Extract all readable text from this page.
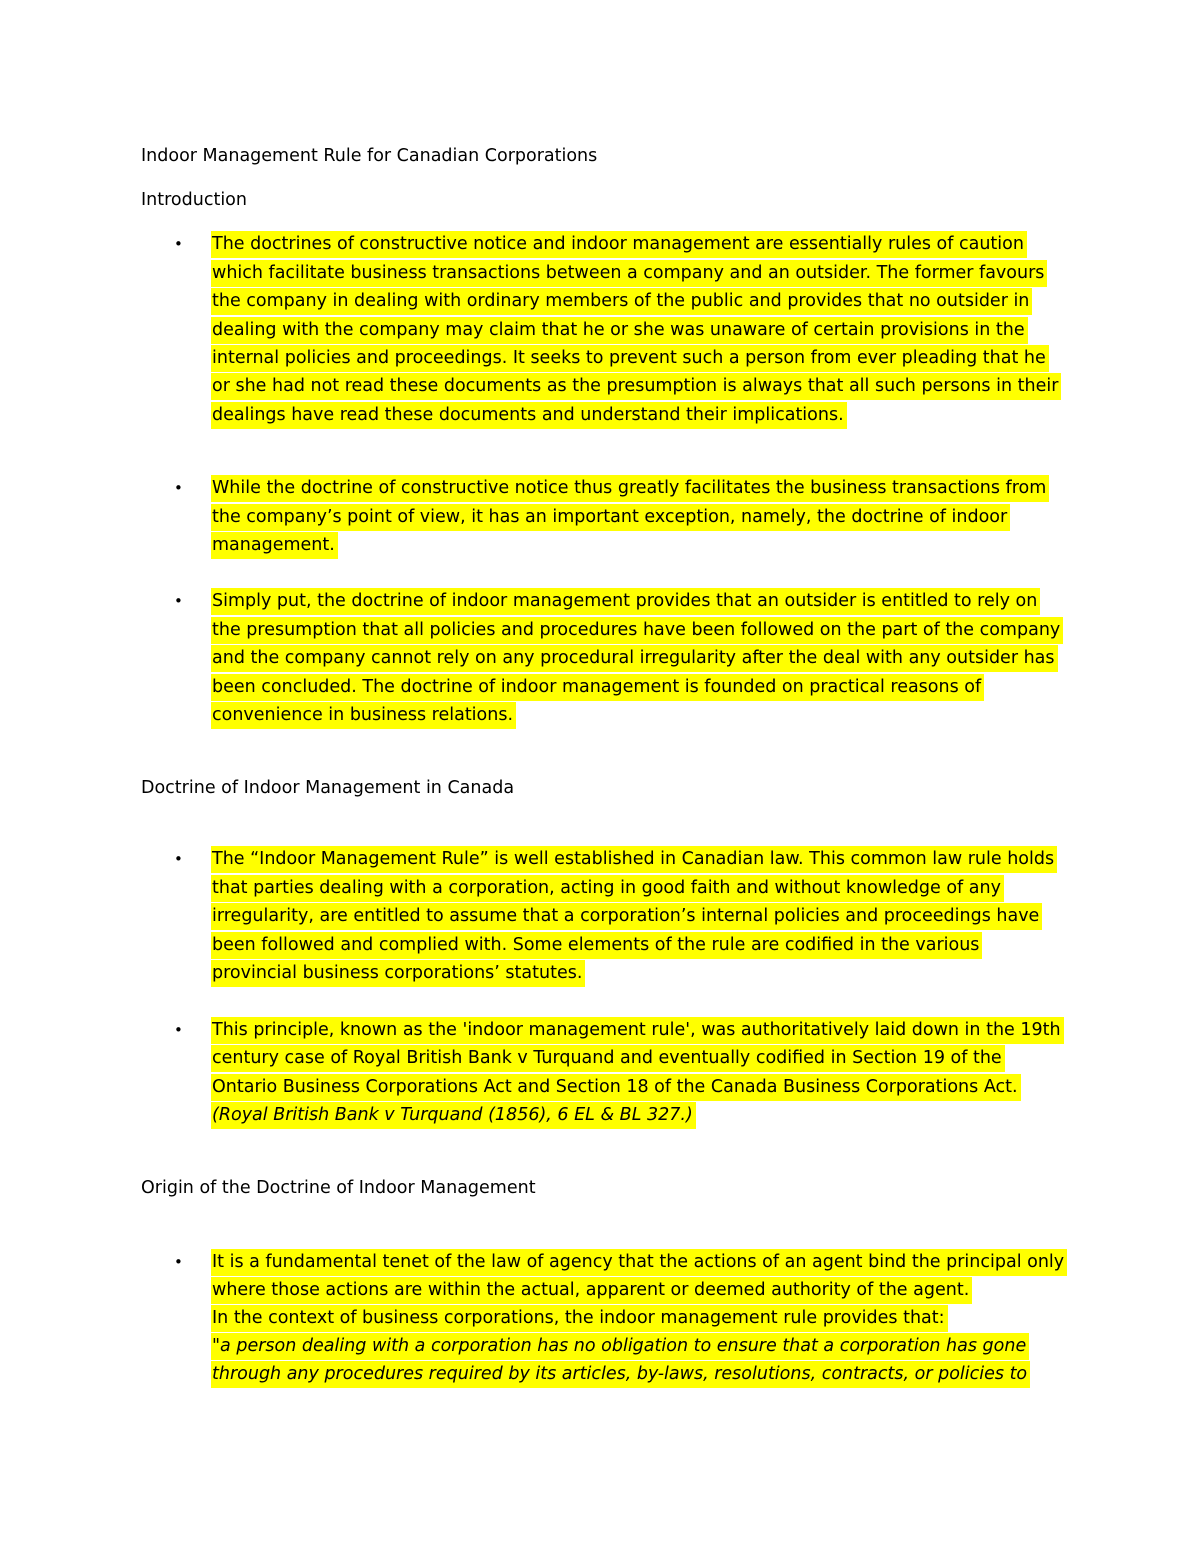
Indoor Management Rule for Canadian Corporations
Introduction
• The doctrines of constructive notice and indoor management are essentially rules of caution
which facilitate business transactions between a company and an outsider. The former favours
the company in dealing with ordinary members of the public and provides that no outsider in
dealing with the company may claim that he or she was unaware of certain provisions in the
internal policies and proceedings. It seeks to prevent such a person from ever pleading that he
or she had not read these documents as the presumption is always that all such persons in their
dealings have read these documents and understand their implications.
• While the doctrine of constructive notice thus greatly facilitates the business transactions from
the company’s point of view, it has an important exception, namely, the doctrine of indoor
management.
• Simply put, the doctrine of indoor management provides that an outsider is entitled to rely on
the presumption that all policies and procedures have been followed on the part of the company
and the company cannot rely on any procedural irregularity after the deal with any outsider has
been concluded. The doctrine of indoor management is founded on practical reasons of
convenience in business relations.
Doctrine of Indoor Management in Canada
• The “Indoor Management Rule” is well established in Canadian law. This common law rule holds
that parties dealing with a corporation, acting in good faith and without knowledge of any
irregularity, are entitled to assume that a corporation’s internal policies and proceedings have
been followed and complied with. Some elements of the rule are codified in the various
provincial business corporations’ statutes.
• This principle, known as the 'indoor management rule', was authoritatively laid down in the 19th
century case of Royal British Bank v Turquand and eventually codified in Section 19 of the
Ontario Business Corporations Act and Section 18 of the Canada Business Corporations Act.
(Royal British Bank v Turquand (1856), 6 EL & BL 327.)
Origin of the Doctrine of Indoor Management
• It is a fundamental tenet of the law of agency that the actions of an agent bind the principal only
where those actions are within the actual, apparent or deemed authority of the agent.
In the context of business corporations, the indoor management rule provides that:
"a person dealing with a corporation has no obligation to ensure that a corporation has gone
through any procedures required by its articles, by-laws, resolutions, contracts, or policies to
